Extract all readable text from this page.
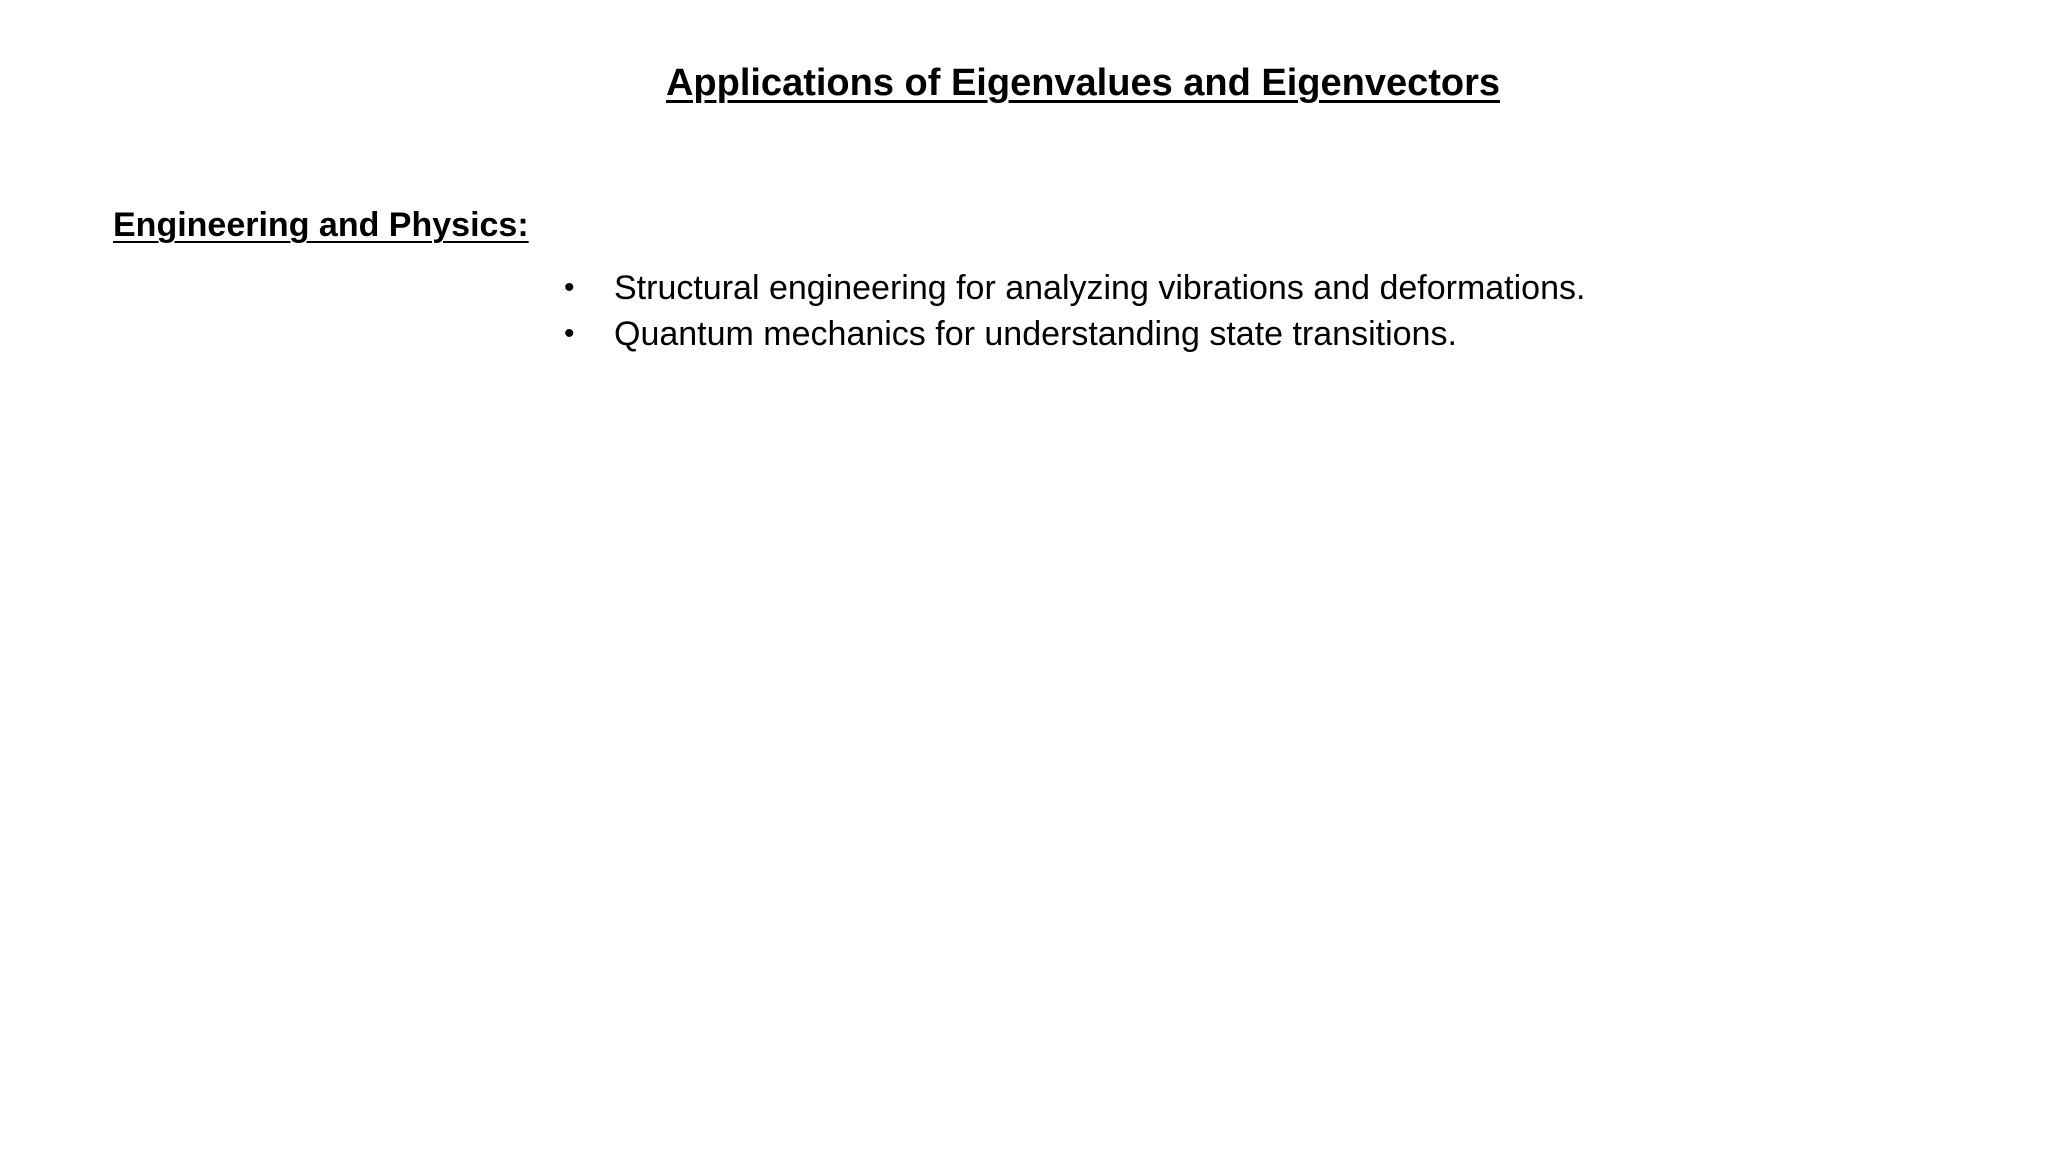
Applications of Eigenvalues and Eigenvectors
Engineering and Physics:
• Structural engineering for analyzing vibrations and deformations.
• Quantum mechanics for understanding state transitions.
